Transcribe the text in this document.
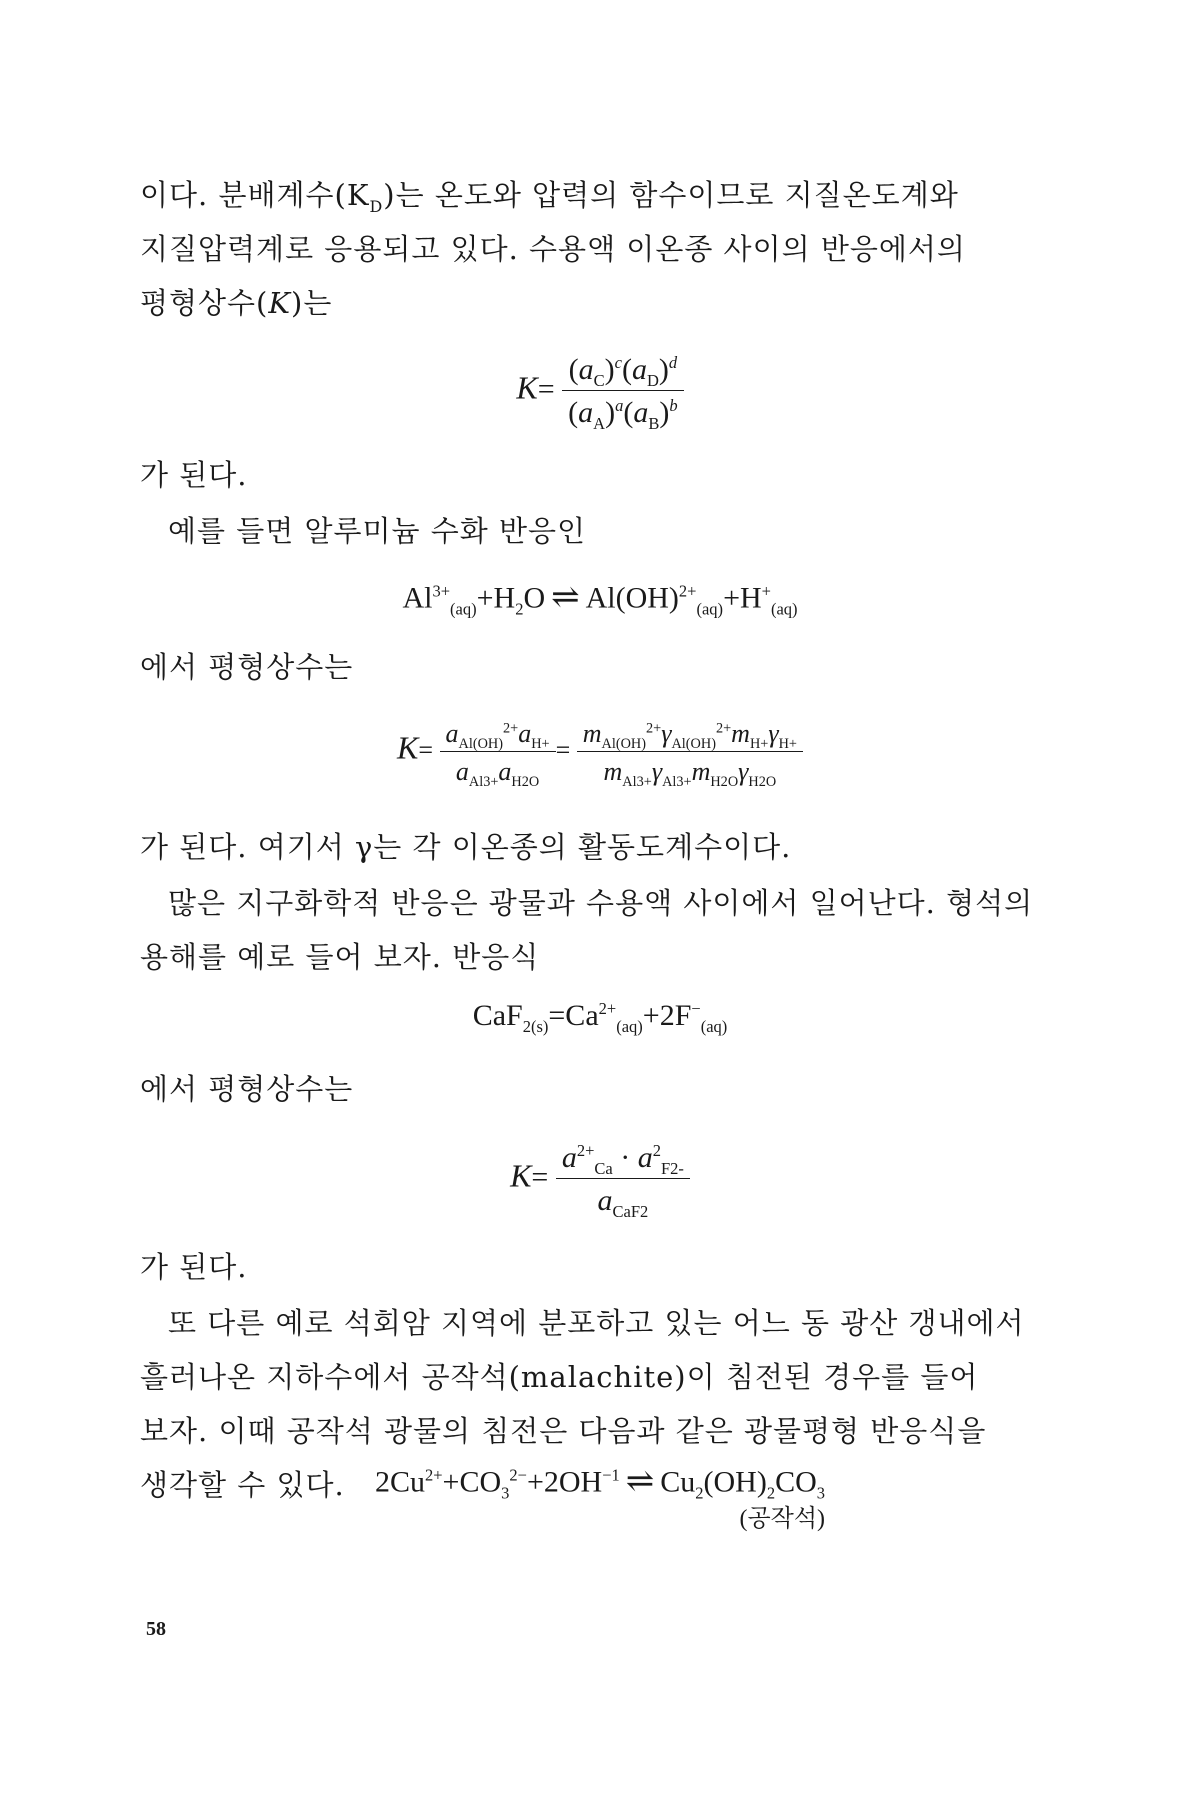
이다. 분배계수$(K_D)$는 온도와 압력의 함수이므로 지질온도계와 지질압력계로 응용되고 있다. 수용액 이온종 사이의 반응에서의 평형상수(K)는

$K= \frac{(a_C)^c(a_D)^d}{(a_A)^a(a_B)^b}$

가 된다.

예를 들면 알루미늄 수화 반응인

$Al^{3+}_{(aq)}+H_2O$ ⇌ $Al(OH)^{2+}_{(aq)}+H^+_{(aq)}$

에서 평형상수는

$K= \frac{a_{Al(OH)}^{2+}a_{H+}}{a_{Al3+}a_{H2O}} = \frac{m_{Al(OH)}^{2+}\gamma_{Al(OH)}^{2+}m_{H+}\gamma_{H+}}{m_{Al3+}\gamma_{Al3+}m_{H2O}\gamma_{H2O}}$

가 된다. 여기서 γ는 각 이온종의 활동도계수이다.

많은 지구화학적 반응은 광물과 수용액 사이에서 일어난다. 형석의 용해를 예로 들어 보자. 반응식

$CaF_{2(s)}=Ca^{2+}_{(aq)}+2F^-_{(aq)}$

에서 평형상수는

$K= \frac{a^{2+}_{Ca} \cdot a^2_{F2-}}{a_{CaF2}}$

가 된다.

또 다른 예로 석회암 지역에 분포하고 있는 어느 동 광산 갱내에서 흘러나온 지하수에서 공작석(malachite)이 침전된 경우를 들어 보자. 이때 공작석 광물의 침전은 다음과 같은 광물평형 반응식을 생각할 수 있다.	$2Cu^{2+}+CO_3^{2-}+2OH^{-1}$ ⇌ $Cu_2(OH)_2CO_3$
(공작석)
58
